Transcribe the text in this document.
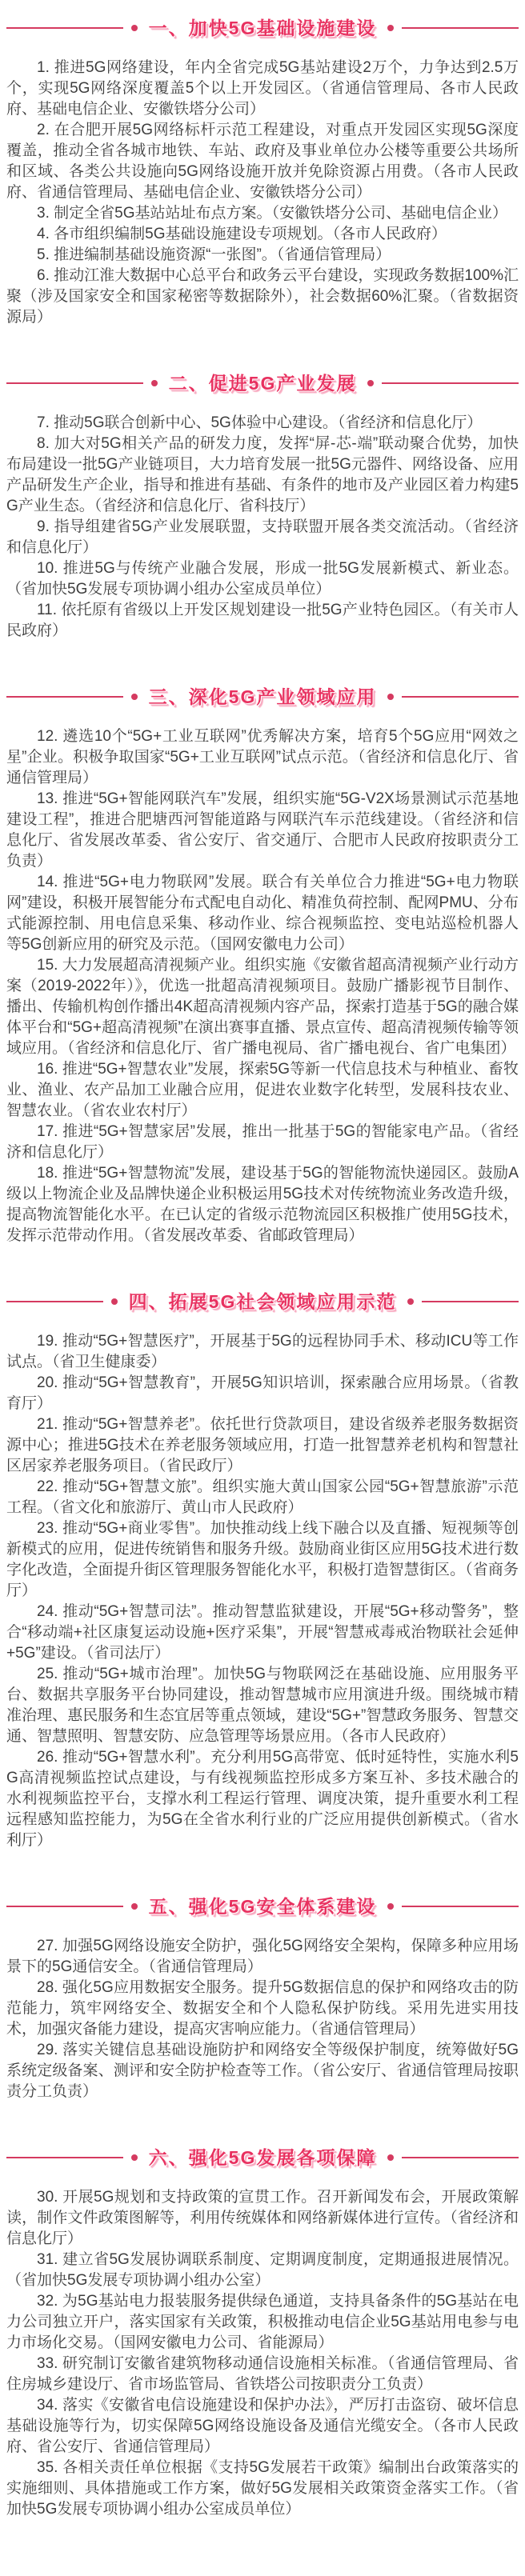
一、加快5G基础设施建设

1. 推进5G网络建设，年内全省完成5G基站建设2万个，力争达到2.5万个，实现5G网络深度覆盖5个以上开发园区。（省通信管理局、各市人民政府、基础电信企业、安徽铁塔分公司）

2. 在合肥开展5G网络标杆示范工程建设，对重点开发园区实现5G深度覆盖，推动全省各城市地铁、车站、政府及事业单位办公楼等重要公共场所和区域、各类公共设施向5G网络设施开放并免除资源占用费。（各市人民政府、省通信管理局、基础电信企业、安徽铁塔分公司）

3. 制定全省5G基站站址布点方案。（安徽铁塔分公司、基础电信企业）

4. 各市组织编制5G基础设施建设专项规划。（各市人民政府）

5. 推进编制基础设施资源“一张图”。（省通信管理局）

6. 推动江淮大数据中心总平台和政务云平台建设，实现政务数据100%汇聚（涉及国家安全和国家秘密等数据除外），社会数据60%汇聚。（省数据资源局）

二、促进5G产业发展

7. 推动5G联合创新中心、5G体验中心建设。（省经济和信息化厅）

8. 加大对5G相关产品的研发力度，发挥“屏-芯-端”联动聚合优势，加快布局建设一批5G产业链项目，大力培育发展一批5G元器件、网络设备、应用产品研发生产企业，指导和推进有基础、有条件的地市及产业园区着力构建5G产业生态。（省经济和信息化厅、省科技厅）

9. 指导组建省5G产业发展联盟，支持联盟开展各类交流活动。（省经济和信息化厅）

10. 推进5G与传统产业融合发展，形成一批5G发展新模式、新业态。（省加快5G发展专项协调小组办公室成员单位）

11. 依托原有省级以上开发区规划建设一批5G产业特色园区。（有关市人民政府）

三、深化5G产业领域应用

12. 遴选10个“5G+工业互联网”优秀解决方案，培育5个5G应用“网效之星”企业。积极争取国家“5G+工业互联网”试点示范。（省经济和信息化厅、省通信管理局）

13. 推进“5G+智能网联汽车”发展，组织实施“5G-V2X场景测试示范基地建设工程”，推进合肥塘西河智能道路与网联汽车示范线建设。（省经济和信息化厅、省发展改革委、省公安厅、省交通厅、合肥市人民政府按职责分工负责）

14. 推进“5G+电力物联网”发展。联合有关单位合力推进“5G+电力物联网”建设，积极开展智能分布式配电自动化、精准负荷控制、配网PMU、分布式能源控制、用电信息采集、移动作业、综合视频监控、变电站巡检机器人等5G创新应用的研究及示范。（国网安徽电力公司）

15. 大力发展超高清视频产业。组织实施《安徽省超高清视频产业行动方案（2019-2022年）》，优选一批超高清视频项目。鼓励广播影视节目制作、播出、传输机构创作播出4K超高清视频内容产品，探索打造基于5G的融合媒体平台和“5G+超高清视频”在演出赛事直播、景点宣传、超高清视频传输等领域应用。（省经济和信息化厅、省广播电视局、省广播电视台、省广电集团）

16. 推进“5G+智慧农业”发展，探索5G等新一代信息技术与种植业、畜牧业、渔业、农产品加工业融合应用，促进农业数字化转型，发展科技农业、智慧农业。（省农业农村厅）

17. 推进“5G+智慧家居”发展，推出一批基于5G的智能家电产品。（省经济和信息化厅）

18. 推进“5G+智慧物流”发展，建设基于5G的智能物流快递园区。鼓励A级以上物流企业及品牌快递企业积极运用5G技术对传统物流业务改造升级，提高物流智能化水平。在已认定的省级示范物流园区积极推广使用5G技术，发挥示范带动作用。（省发展改革委、省邮政管理局）

四、拓展5G社会领域应用示范

19. 推动“5G+智慧医疗”，开展基于5G的远程协同手术、移动ICU等工作试点。（省卫生健康委）

20. 推动“5G+智慧教育”，开展5G知识培训，探索融合应用场景。（省教育厅）

21. 推动“5G+智慧养老”。依托世行贷款项目，建设省级养老服务数据资源中心；推进5G技术在养老服务领域应用，打造一批智慧养老机构和智慧社区居家养老服务项目。（省民政厅）

22. 推动“5G+智慧文旅”。组织实施大黄山国家公园“5G+智慧旅游”示范工程。（省文化和旅游厅、黄山市人民政府）

23. 推动“5G+商业零售”。加快推动线上线下融合以及直播、短视频等创新模式的应用，促进传统销售和服务升级。鼓励商业街区应用5G技术进行数字化改造，全面提升街区管理服务智能化水平，积极打造智慧街区。（省商务厅）

24. 推动“5G+智慧司法”。推动智慧监狱建设，开展“5G+移动警务”，整合“移动端+社区康复运动设施+医疗采集”，开展“智慧戒毒戒治物联社会延伸+5G”建设。（省司法厅）

25. 推动“5G+城市治理”。加快5G与物联网泛在基础设施、应用服务平台、数据共享服务平台协同建设，推动智慧城市应用演进升级。围绕城市精准治理、惠民服务和生态宜居等重点领域，建设“5G+”智慧政务服务、智慧交通、智慧照明、智慧安防、应急管理等场景应用。（各市人民政府）

26. 推动“5G+智慧水利”。充分利用5G高带宽、低时延特性，实施水利5G高清视频监控试点建设，与有线视频监控形成多方案互补、多技术融合的水利视频监控平台，支撑水利工程运行管理、调度决策，提升重要水利工程远程感知监控能力，为5G在全省水利行业的广泛应用提供创新模式。（省水利厅）

五、强化5G安全体系建设

27. 加强5G网络设施安全防护，强化5G网络安全架构，保障多种应用场景下的5G通信安全。（省通信管理局）

28. 强化5G应用数据安全服务。提升5G数据信息的保护和网络攻击的防范能力，筑牢网络安全、数据安全和个人隐私保护防线。采用先进实用技术，加强灾备能力建设，提高灾害响应能力。（省通信管理局）

29. 落实关键信息基础设施防护和网络安全等级保护制度，统筹做好5G系统定级备案、测评和安全防护检查等工作。（省公安厅、省通信管理局按职责分工负责）

六、强化5G发展各项保障

30. 开展5G规划和支持政策的宣贯工作。召开新闻发布会，开展政策解读，制作文件政策图解等，利用传统媒体和网络新媒体进行宣传。（省经济和信息化厅）

31. 建立省5G发展协调联系制度、定期调度制度，定期通报进展情况。（省加快5G发展专项协调小组办公室）

32. 为5G基站电力报装服务提供绿色通道，支持具备条件的5G基站在电力公司独立开户，落实国家有关政策，积极推动电信企业5G基站用电参与电力市场化交易。（国网安徽电力公司、省能源局）

33. 研究制订安徽省建筑物移动通信设施相关标准。（省通信管理局、省住房城乡建设厅、省市场监管局、省铁塔公司按职责分工负责）

34. 落实《安徽省电信设施建设和保护办法》，严厉打击盗窃、破坏信息基础设施等行为，切实保障5G网络设施设备及通信光缆安全。（各市人民政府、省公安厅、省通信管理局）

35. 各相关责任单位根据《支持5G发展若干政策》编制出台政策落实的实施细则、具体措施或工作方案，做好5G发展相关政策资金落实工作。（省加快5G发展专项协调小组办公室成员单位）
